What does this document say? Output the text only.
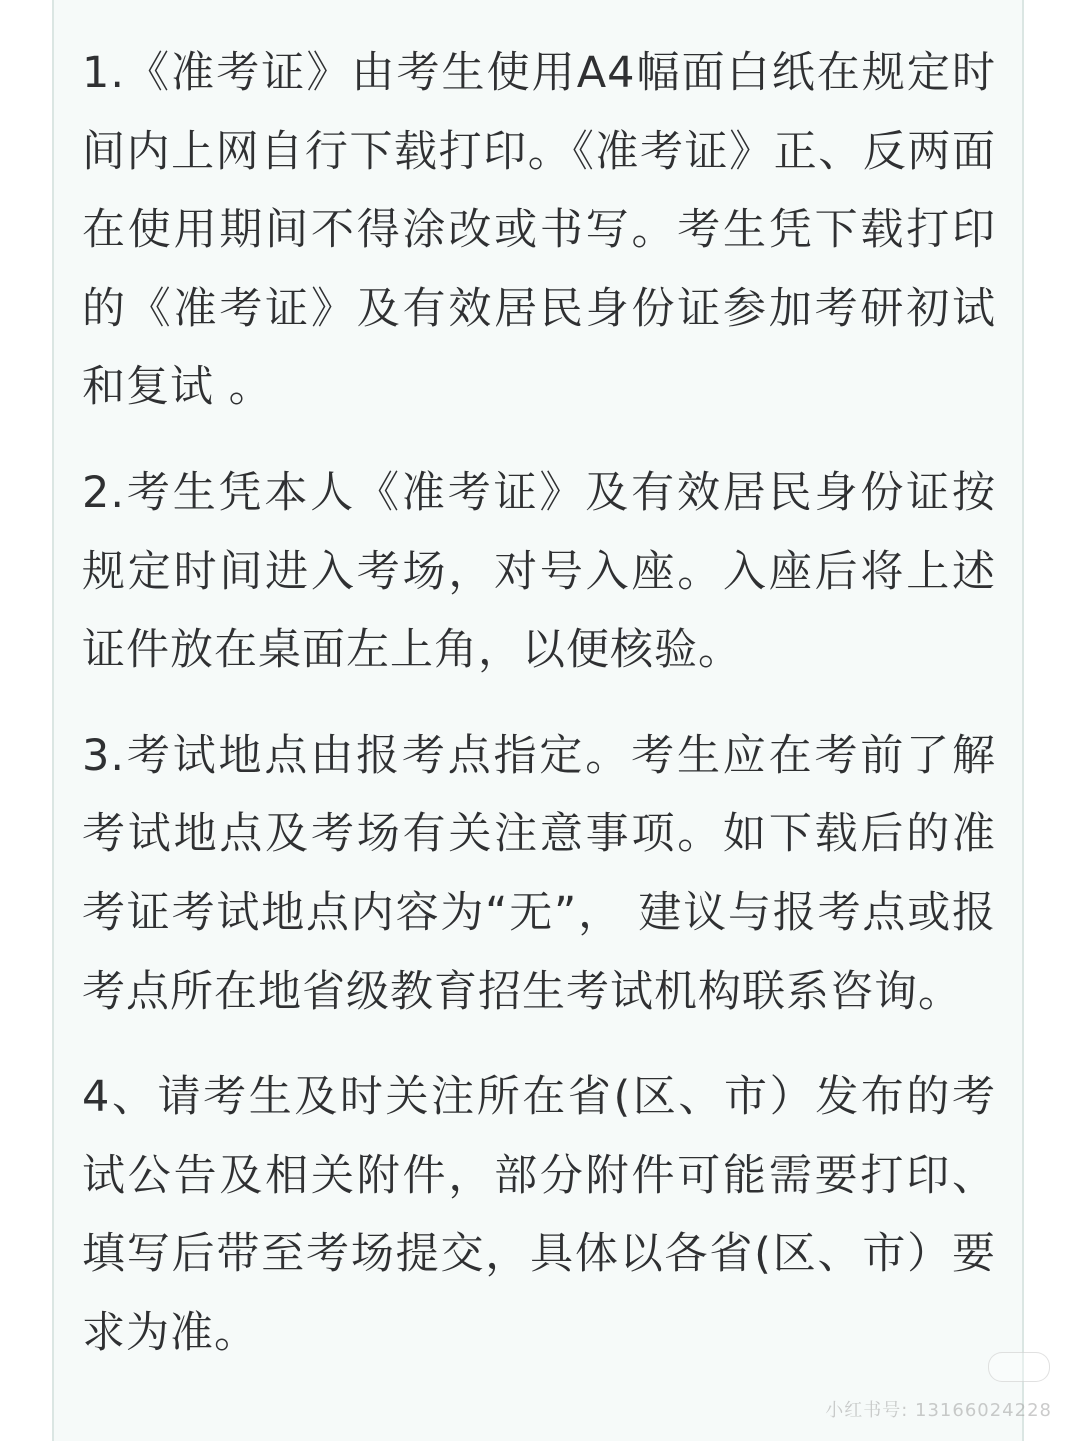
1.《准考证》由考生使用A4幅面白纸在规定时间内上网自行下载打印。《准考证》正、反两面在使用期间不得涂改或书写。考生凭下载打印的《准考证》及有效居民身份证参加考研初试和复试 。

2.考生凭本人《准考证》及有效居民身份证按规定时间进入考场，对号入座。入座后将上述证件放在桌面左上角，以便核验。

3.考试地点由报考点指定。考生应在考前了解考试地点及考场有关注意事项。如下载后的准考证考试地点内容为“无”， 建议与报考点或报考点所在地省级教育招生考试机构联系咨询。

4、请考生及时关注所在省(区、市）发布的考试公告及相关附件，部分附件可能需要打印、填写后带至考场提交，具体以各省(区、市）要求为准。

小红书号: 13166024228
